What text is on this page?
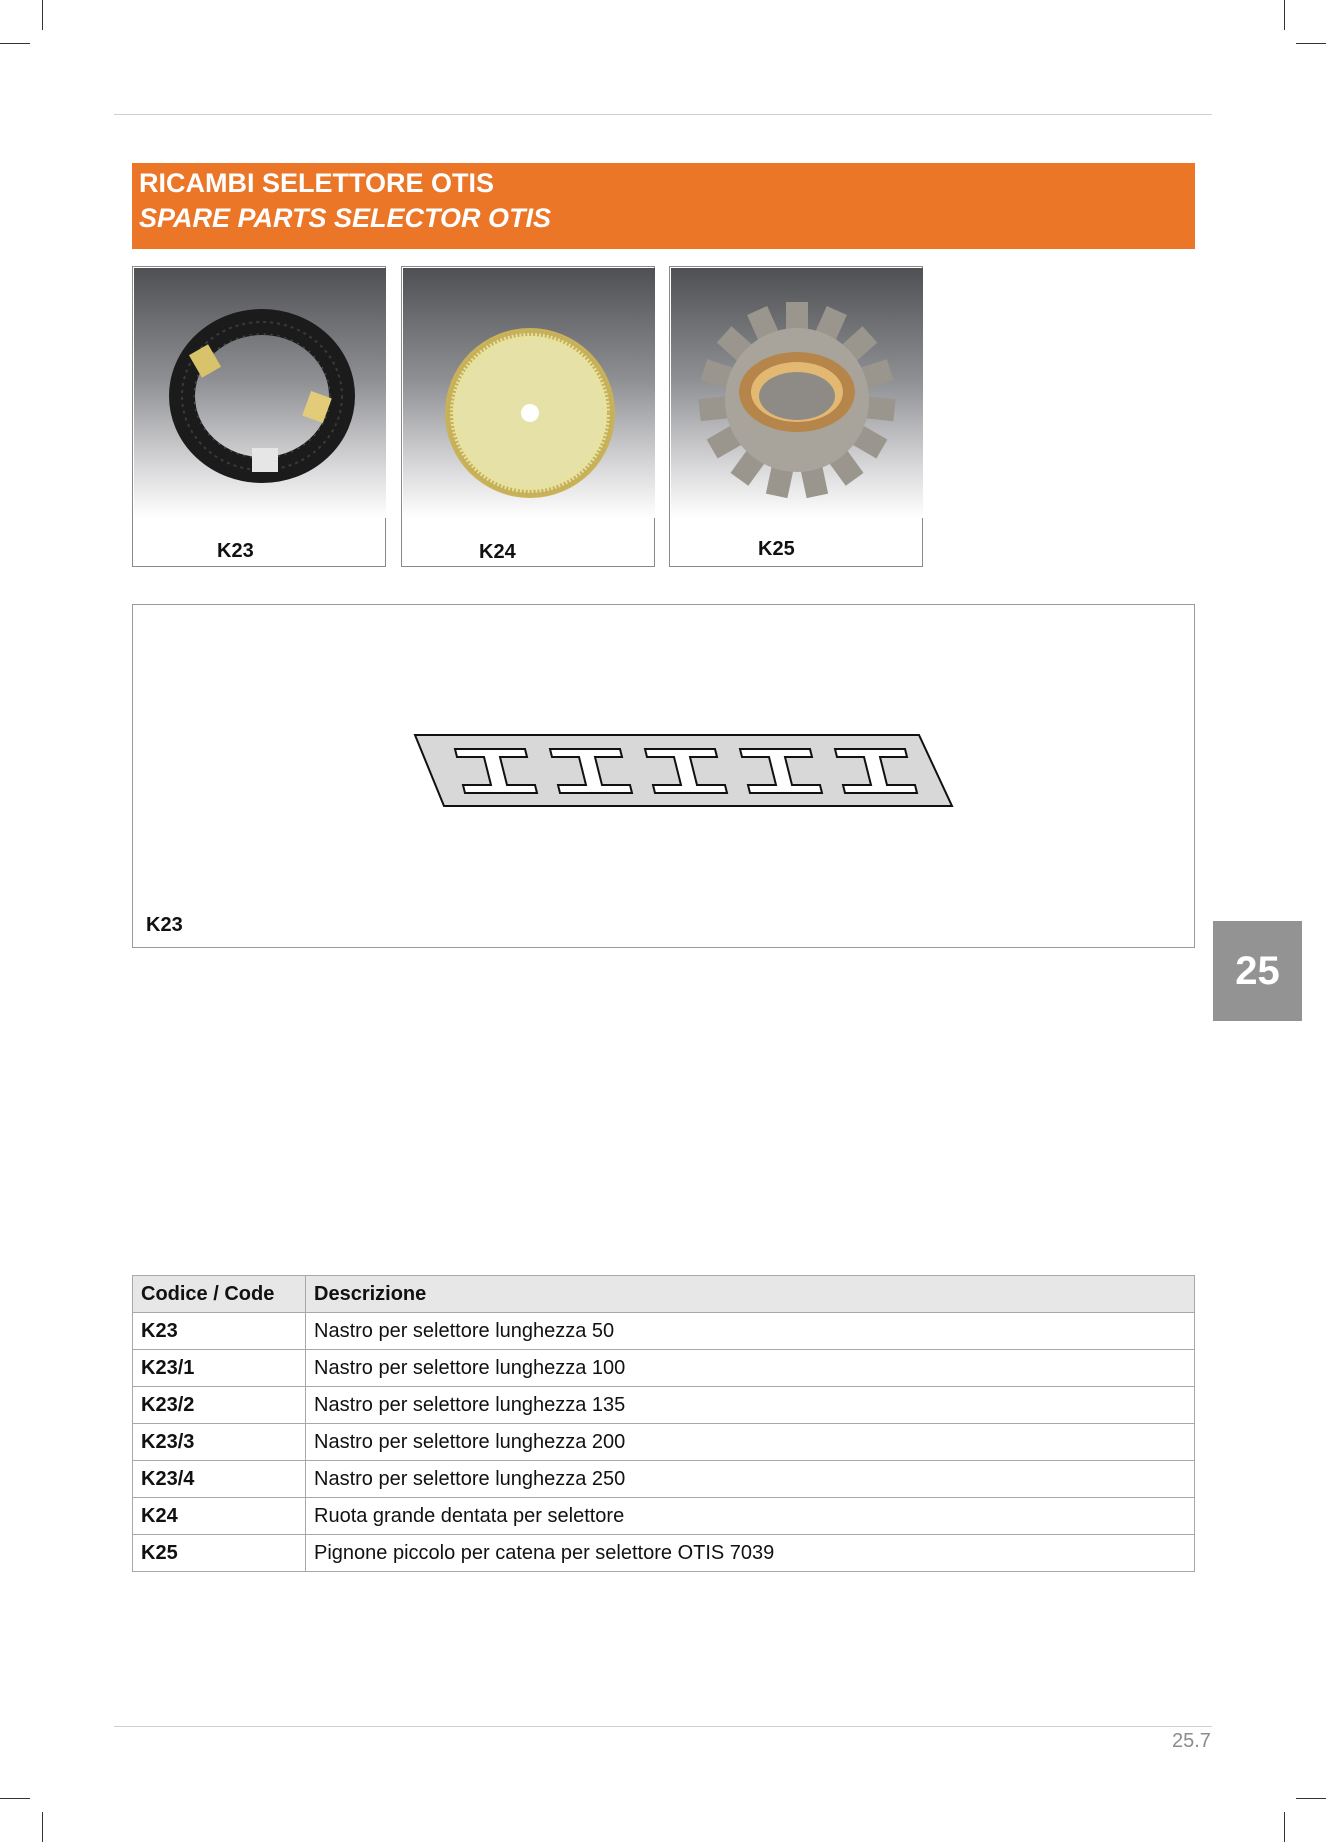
RICAMBI SELETTORE OTIS
SPARE PARTS SELECTOR OTIS
K23	K24	K25
K23
25
Codice / Code	Descrizione
K23	Nastro per selettore lunghezza 50
K23/1	Nastro per selettore lunghezza 100
K23/2	Nastro per selettore lunghezza 135
K23/3	Nastro per selettore lunghezza 200
K23/4	Nastro per selettore lunghezza 250
K24	Ruota grande dentata per selettore
K25	Pignone piccolo per catena per selettore OTIS 7039
25.7
